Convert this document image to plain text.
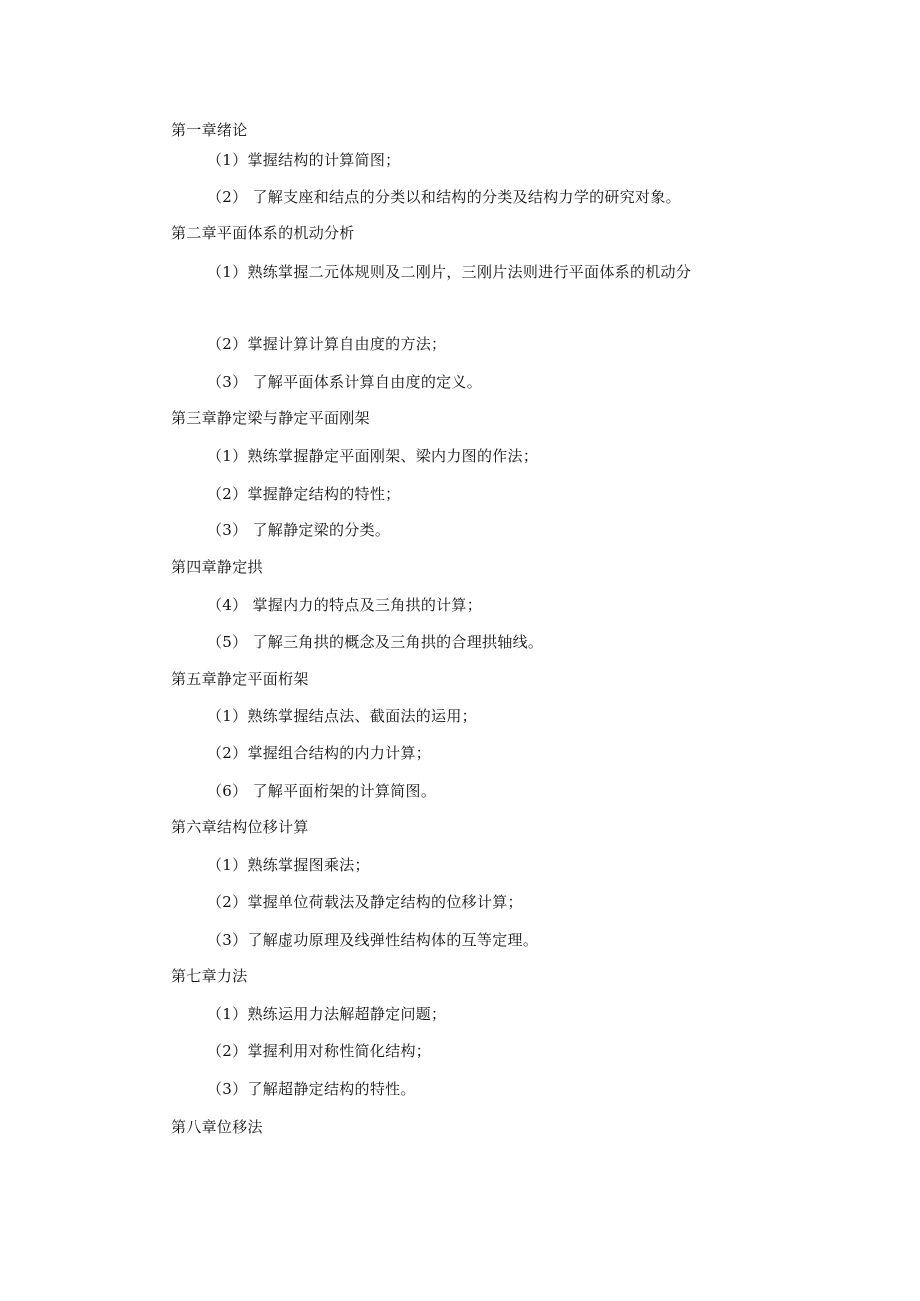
第一章绪论
（1）掌握结构的计算简图；
（2） 了解支座和结点的分类以和结构的分类及结构力学的研究对象。
第二章平面体系的机动分析
（1）熟练掌握二元体规则及二刚片，三刚片法则进行平面体系的机动分
（2）掌握计算计算自由度的方法；
（3） 了解平面体系计算自由度的定义。
第三章静定梁与静定平面刚架
（1）熟练掌握静定平面刚架、梁内力图的作法；
（2）掌握静定结构的特性；
（3） 了解静定梁的分类。
第四章静定拱
（4） 掌握内力的特点及三角拱的计算；
（5） 了解三角拱的概念及三角拱的合理拱轴线。
第五章静定平面桁架
（1）熟练掌握结点法、截面法的运用；
（2）掌握组合结构的内力计算；
（6） 了解平面桁架的计算简图。
第六章结构位移计算
（1）熟练掌握图乘法；
（2）掌握单位荷载法及静定结构的位移计算；
（3）了解虚功原理及线弹性结构体的互等定理。
第七章力法
（1）熟练运用力法解超静定问题；
（2）掌握利用对称性简化结构；
（3）了解超静定结构的特性。
第八章位移法
